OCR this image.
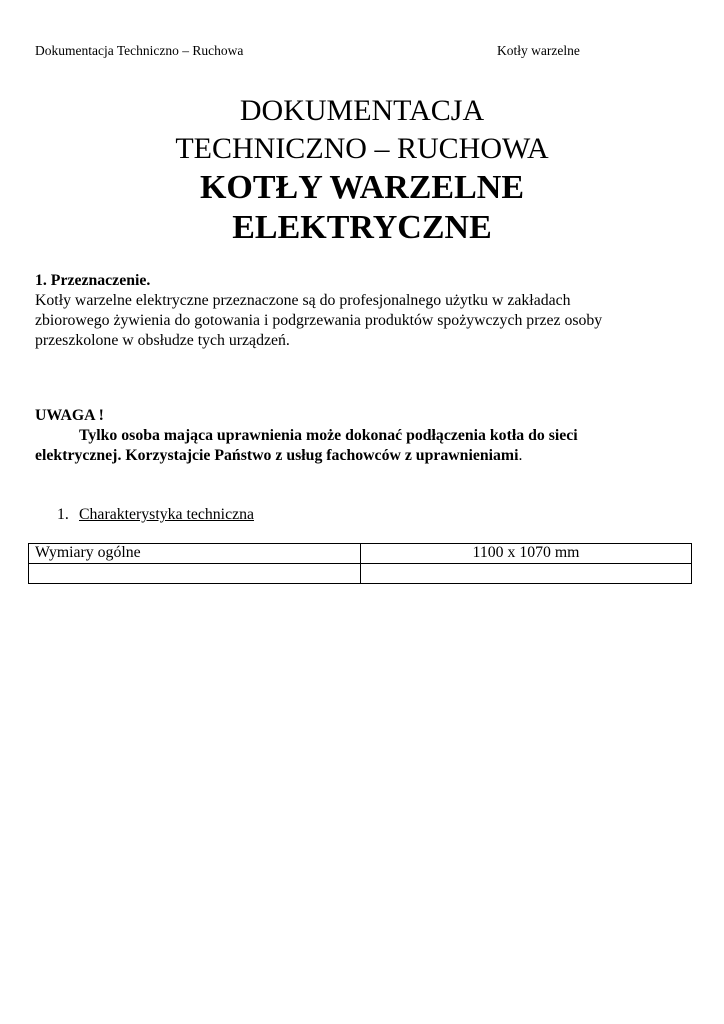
Dokumentacja Techniczno – Ruchowa	Kotły warzelne
DOKUMENTACJA
TECHNICZNO – RUCHOWA
KOTŁY WARZELNE
ELEKTRYCZNE
1. Przeznaczenie.
Kotły warzelne elektryczne przeznaczone są do profesjonalnego użytku w zakładach
zbiorowego żywienia do gotowania i podgrzewania produktów spożywczych przez osoby
przeszkolone w obsłudze tych urządzeń.
UWAGA !
Tylko osoba mająca uprawnienia może dokonać podłączenia kotła do sieci
elektrycznej. Korzystajcie Państwo z usług fachowców z uprawnieniami.
1. Charakterystyka techniczna
Wymiary ogólne	1100 x 1070 mm
